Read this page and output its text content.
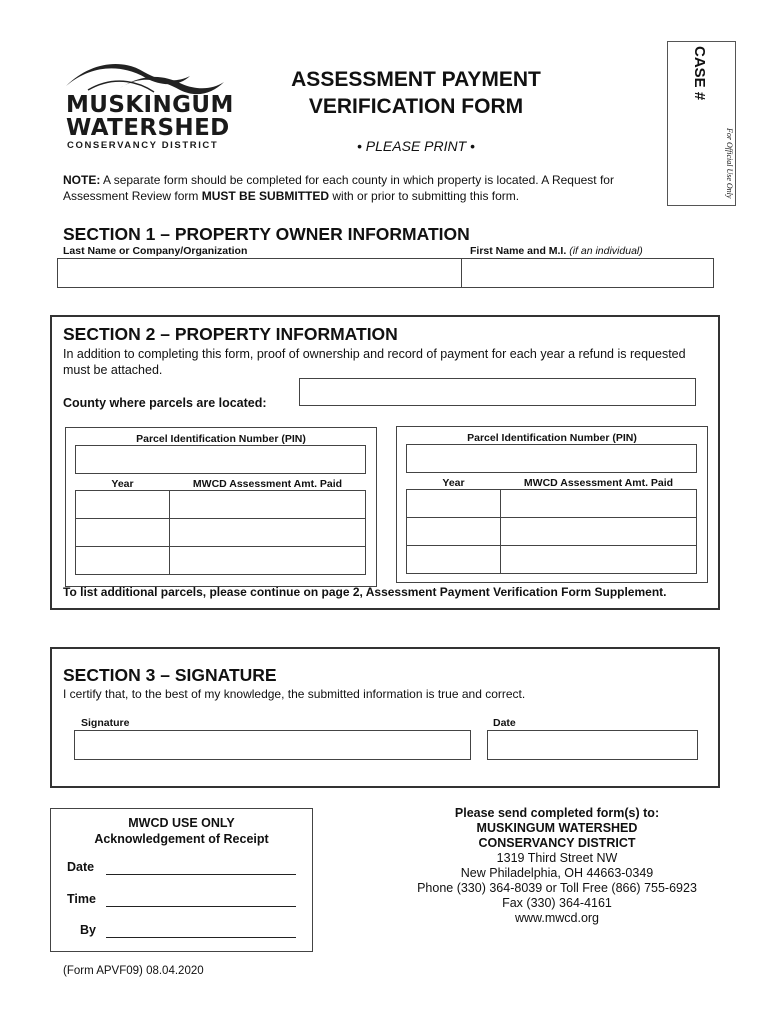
MUSKINGUM
WATERSHED
CONSERVANCY DISTRICT
ASSESSMENT PAYMENT
VERIFICATION FORM
• PLEASE PRINT •
CASE #
For Official Use Only
NOTE: A separate form should be completed for each county in which property is located. A Request for Assessment Review form MUST BE SUBMITTED with or prior to submitting this form.
SECTION 1 – PROPERTY OWNER INFORMATION
Last Name or Company/Organization	First Name and M.I. (if an individual)
SECTION 2 – PROPERTY INFORMATION
In addition to completing this form, proof of ownership and record of payment for each year a refund is requested must be attached.
County where parcels are located:
Parcel Identification Number (PIN)
Year	MWCD Assessment Amt. Paid
Parcel Identification Number (PIN)
Year	MWCD Assessment Amt. Paid
To list additional parcels, please continue on page 2, Assessment Payment Verification Form Supplement.
SECTION 3 – SIGNATURE
I certify that, to the best of my knowledge, the submitted information is true and correct.
Signature	Date
MWCD USE ONLY
Acknowledgement of Receipt
Date
Time
By
Please send completed form(s) to:
MUSKINGUM WATERSHED
CONSERVANCY DISTRICT
1319 Third Street NW
New Philadelphia, OH 44663-0349
Phone (330) 364-8039 or Toll Free (866) 755-6923
Fax (330) 364-4161
www.mwcd.org
(Form APVF09) 08.04.2020
